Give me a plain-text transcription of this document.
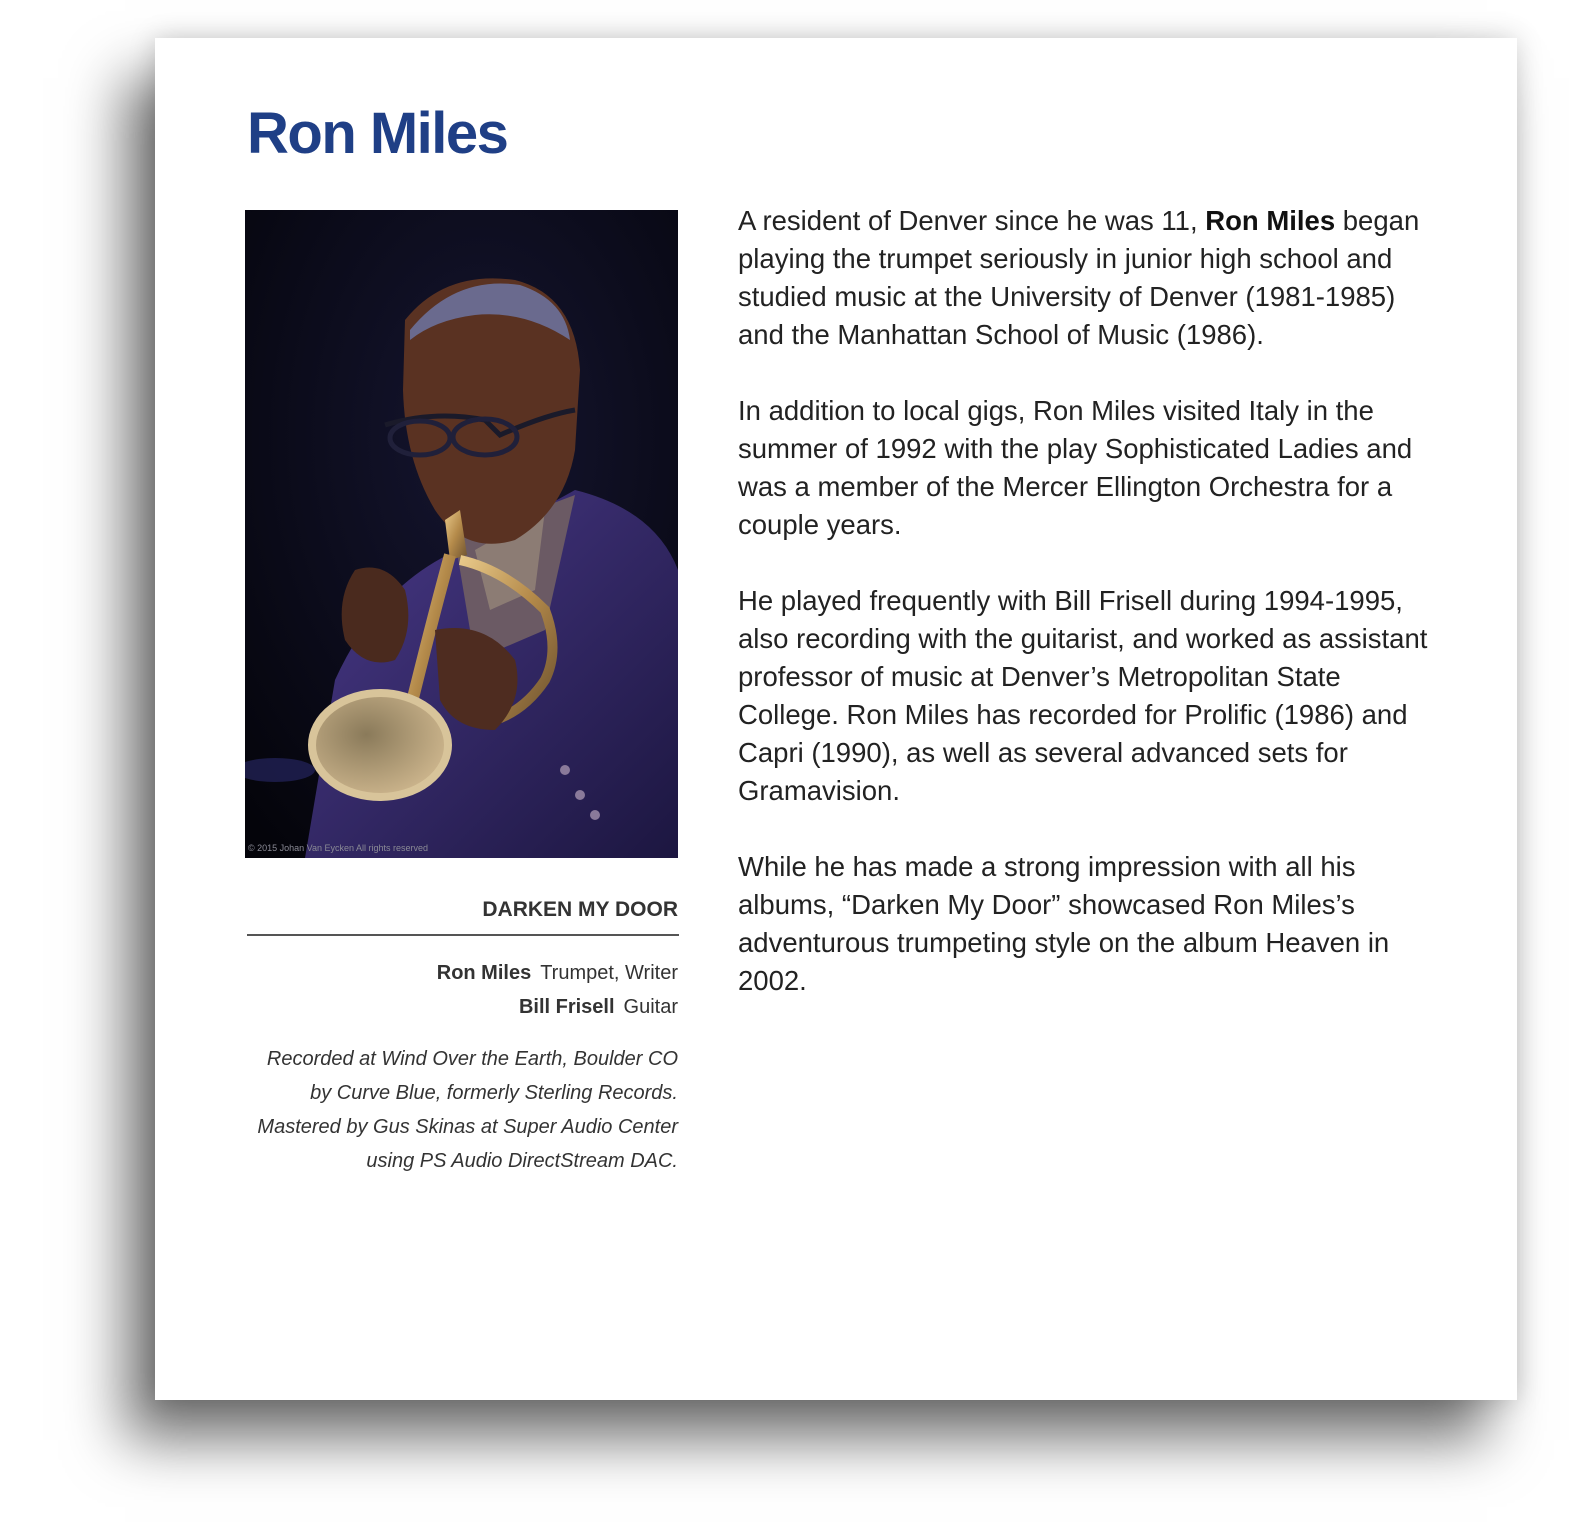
Ron Miles
© 2015 Johan Van Eycken All rights reserved
DARKEN MY DOOR
Ron Miles Trumpet, Writer
Bill Frisell Guitar

Recorded at Wind Over the Earth, Boulder CO by Curve Blue, formerly Sterling Records. Mastered by Gus Skinas at Super Audio Center using PS Audio DirectStream DAC.

A resident of Denver since he was 11, Ron Miles began playing the trumpet seriously in junior high school and studied music at the University of Denver (1981-1985) and the Manhattan School of Music (1986).

In addition to local gigs, Ron Miles visited Italy in the summer of 1992 with the play Sophisticated Ladies and was a member of the Mercer Ellington Orchestra for a couple years.

He played frequently with Bill Frisell during 1994-1995, also recording with the guitarist, and worked as assistant professor of music at Denver’s Metropolitan State College. Ron Miles has recorded for Prolific (1986) and Capri (1990), as well as several advanced sets for Gramavision.

While he has made a strong impression with all his albums, “Darken My Door” showcased Ron Miles’s adventurous trumpeting style on the album Heaven in 2002.
